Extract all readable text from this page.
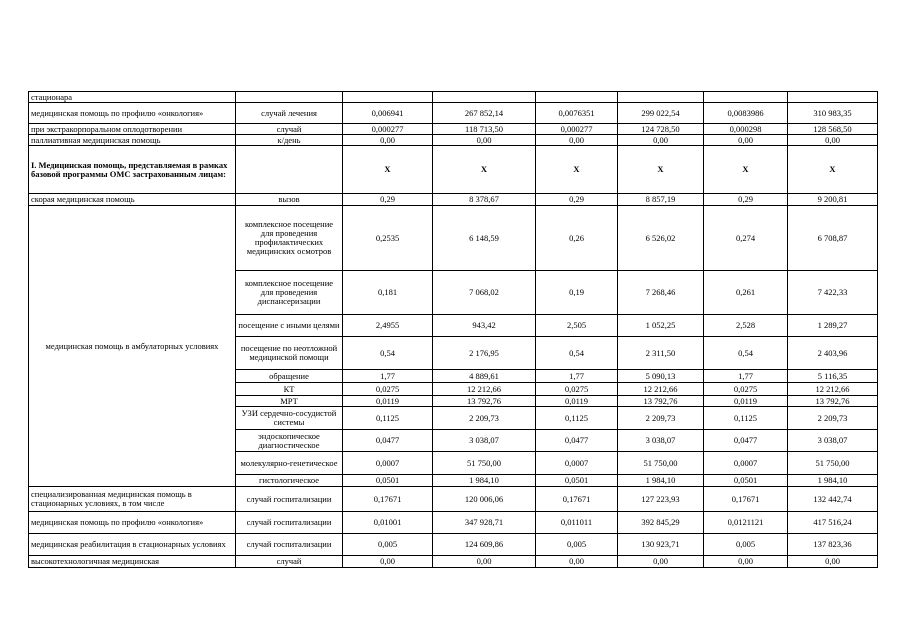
стационара							
медицинская помощь по профилю «онкология»	случай лечения	0,006941	267 852,14	0,0076351	299 022,54	0,0083986	310 983,35
при экстракорпоральном оплодотворении	случай	0,000277	118 713,50	0,000277	124 728,50	0,000298	128 568,50
паллиативная медицинская помощь	к/день	0,00	0,00	0,00	0,00	0,00	0,00
I. Медицинская помощь, представляемая в рамках базовой программы ОМС застрахованным лицам:		X	X	X	X	X	X
скорая медицинская помощь	вызов	0,29	8 378,67	0,29	8 857,19	0,29	9 200,81
медицинская помощь в амбулаторных условиях	комплексное посещение для проведения профилактических медицинских осмотров	0,2535	6 148,59	0,26	6 526,02	0,274	6 708,87
	комплексное посещение для проведения диспансеризации	0,181	7 068,02	0,19	7 268,46	0,261	7 422,33
	посещение с иными целями	2,4955	943,42	2,505	1 052,25	2,528	1 289,27
	посещение по неотложной медицинской помощи	0,54	2 176,95	0,54	2 311,50	0,54	2 403,96
	обращение	1,77	4 889,61	1,77	5 090,13	1,77	5 116,35
	КТ	0,0275	12 212,66	0,0275	12 212,66	0,0275	12 212,66
	МРТ	0,0119	13 792,76	0,0119	13 792,76	0,0119	13 792,76
	УЗИ сердечно-сосудистой системы	0,1125	2 209,73	0,1125	2 209,73	0,1125	2 209,73
	эндоскопическое диагностическое	0,0477	3 038,07	0,0477	3 038,07	0,0477	3 038,07
	молекулярно-генетическое	0,0007	51 750,00	0,0007	51 750,00	0,0007	51 750,00
	гистологическое	0,0501	1 984,10	0,0501	1 984,10	0,0501	1 984,10
специализированная медицинская помощь в стационарных условиях, в том числе	случай госпитализации	0,17671	120 006,06	0,17671	127 223,93	0,17671	132 442,74
медицинская помощь по профилю «онкология»	случай госпитализации	0,01001	347 928,71	0,011011	392 845,29	0,0121121	417 516,24
медицинская реабилитация в стационарных условиях	случай госпитализации	0,005	124 609,86	0,005	130 923,71	0,005	137 823,36
высокотехнологичная медицинская	случай	0,00	0,00	0,00	0,00	0,00	0,00
